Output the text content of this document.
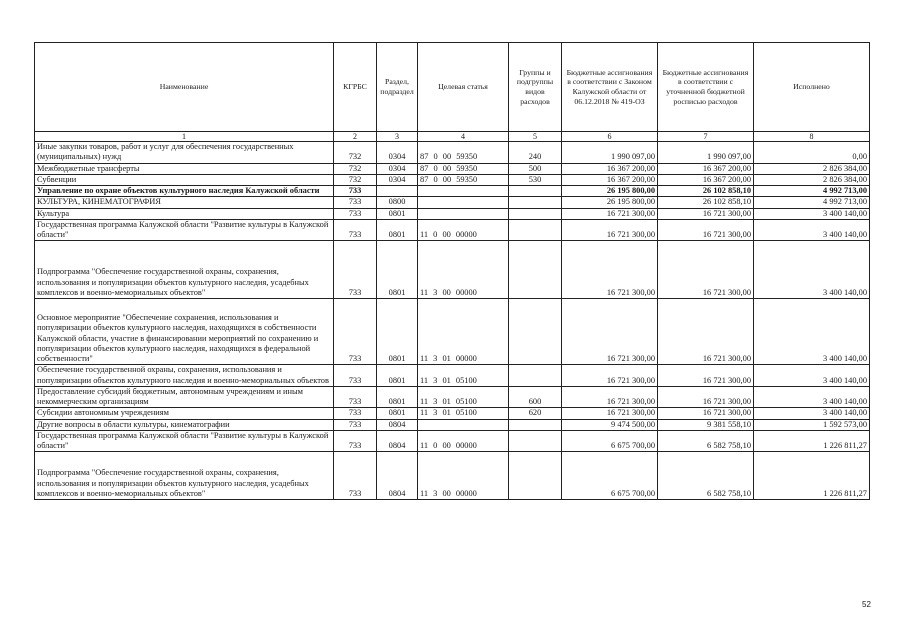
Наименование	КГРБС	Раздел, подраздел	Целевая статья	Группы и подгруппы видов расходов	Бюджетные ассигнования в соответствии с Законом Калужской области от 06.12.2018 № 419-ОЗ	Бюджетные ассигнования в соответствии с уточненной бюджетной росписью расходов	Исполнено
1	2	3	4	5	6	7	8
Иные закупки товаров, работ и услуг для обеспечения государственных (муниципальных) нужд	732	0304	87 0 00 59350	240	1 990 097,00	1 990 097,00	0,00
Межбюджетные трансферты	732	0304	87 0 00 59350	500	16 367 200,00	16 367 200,00	2 826 384,00
Субвенции	732	0304	87 0 00 59350	530	16 367 200,00	16 367 200,00	2 826 384,00
Управление по охране объектов культурного наследия Калужской области	733				26 195 800,00	26 102 858,10	4 992 713,00
КУЛЬТУРА, КИНЕМАТОГРАФИЯ	733	0800			26 195 800,00	26 102 858,10	4 992 713,00
Культура	733	0801			16 721 300,00	16 721 300,00	3 400 140,00
Государственная программа Калужской области "Развитие культуры в Калужской области"	733	0801	11 0 00 00000		16 721 300,00	16 721 300,00	3 400 140,00
Подпрограмма "Обеспечение государственной охраны, сохранения, использования и популяризации объектов культурного наследия, усадебных комплексов и военно-мемориальных объектов"	733	0801	11 3 00 00000		16 721 300,00	16 721 300,00	3 400 140,00
Основное мероприятие "Обеспечение сохранения, использования и популяризации объектов культурного наследия, находящихся в собственности Калужской области, участие в финансировании мероприятий по сохранению и популяризации объектов культурного наследия, находящихся в федеральной собственности"	733	0801	11 3 01 00000		16 721 300,00	16 721 300,00	3 400 140,00
Обеспечение государственной охраны, сохранения, использования и популяризации объектов культурного наследия и военно-мемориальных объектов	733	0801	11 3 01 05100		16 721 300,00	16 721 300,00	3 400 140,00
Предоставление субсидий бюджетным, автономным учреждениям и иным некоммерческим организациям	733	0801	11 3 01 05100	600	16 721 300,00	16 721 300,00	3 400 140,00
Субсидии автономным учреждениям	733	0801	11 3 01 05100	620	16 721 300,00	16 721 300,00	3 400 140,00
Другие вопросы в области культуры, кинематографии	733	0804			9 474 500,00	9 381 558,10	1 592 573,00
Государственная программа Калужской области "Развитие культуры в Калужской области"	733	0804	11 0 00 00000		6 675 700,00	6 582 758,10	1 226 811,27
Подпрограмма "Обеспечение государственной охраны, сохранения, использования и популяризации объектов культурного наследия, усадебных комплексов и военно-мемориальных объектов"	733	0804	11 3 00 00000		6 675 700,00	6 582 758,10	1 226 811,27
52
